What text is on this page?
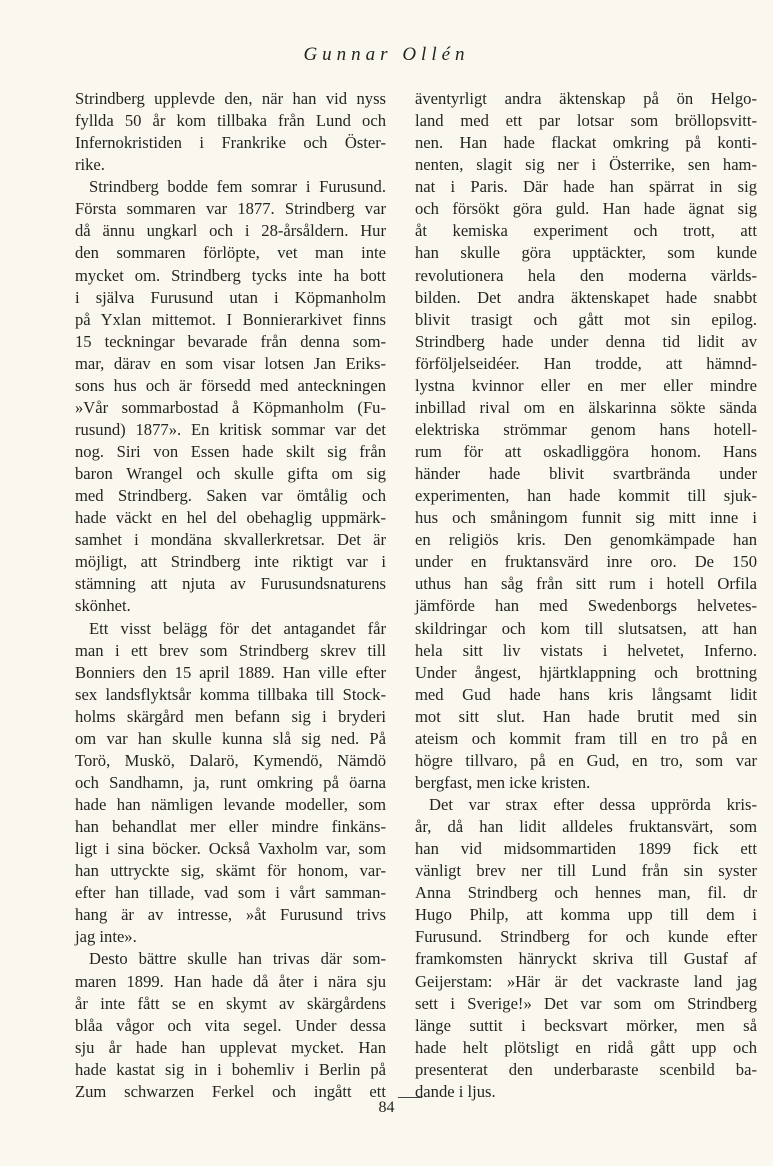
Gunnar Ollén
Strindberg upplevde den, när han vid nyss
fyllda 50 år kom tillbaka från Lund och
Infernokristiden i Frankrike och Öster-
rike.
Strindberg bodde fem somrar i Furusund.
Första sommaren var 1877. Strindberg var
då ännu ungkarl och i 28-årsåldern. Hur
den sommaren förlöpte, vet man inte
mycket om. Strindberg tycks inte ha bott
i själva Furusund utan i Köpmanholm
på Yxlan mittemot. I Bonnierarkivet finns
15 teckningar bevarade från denna som-
mar, därav en som visar lotsen Jan Eriks-
sons hus och är försedd med anteckningen
»Vår sommarbostad å Köpmanholm (Fu-
rusund) 1877». En kritisk sommar var det
nog. Siri von Essen hade skilt sig från
baron Wrangel och skulle gifta om sig
med Strindberg. Saken var ömtålig och
hade väckt en hel del obehaglig uppmärk-
samhet i mondäna skvallerkretsar. Det är
möjligt, att Strindberg inte riktigt var i
stämning att njuta av Furusundsnaturens
skönhet.
Ett visst belägg för det antagandet får
man i ett brev som Strindberg skrev till
Bonniers den 15 april 1889. Han ville efter
sex landsflyktsår komma tillbaka till Stock-
holms skärgård men befann sig i bryderi
om var han skulle kunna slå sig ned. På
Torö, Muskö, Dalarö, Kymendö, Nämdö
och Sandhamn, ja, runt omkring på öarna
hade han nämligen levande modeller, som
han behandlat mer eller mindre finkäns-
ligt i sina böcker. Också Vaxholm var, som
han uttryckte sig, skämt för honom, var-
efter han tillade, vad som i vårt samman-
hang är av intresse, »åt Furusund trivs
jag inte».
Desto bättre skulle han trivas där som-
maren 1899. Han hade då åter i nära sju
år inte fått se en skymt av skärgårdens
blåa vågor och vita segel. Under dessa
sju år hade han upplevat mycket. Han
hade kastat sig in i bohemliv i Berlin på
Zum schwarzen Ferkel och ingått ett
äventyrligt andra äktenskap på ön Helgo-
land med ett par lotsar som bröllopsvitt-
nen. Han hade flackat omkring på konti-
nenten, slagit sig ner i Österrike, sen ham-
nat i Paris. Där hade han spärrat in sig
och försökt göra guld. Han hade ägnat sig
åt kemiska experiment och trott, att
han skulle göra upptäckter, som kunde
revolutionera hela den moderna världs-
bilden. Det andra äktenskapet hade snabbt
blivit trasigt och gått mot sin epilog.
Strindberg hade under denna tid lidit av
förföljelseidéer. Han trodde, att hämnd-
lystna kvinnor eller en mer eller mindre
inbillad rival om en älskarinna sökte sända
elektriska strömmar genom hans hotell-
rum för att oskadliggöra honom. Hans
händer hade blivit svartbrända under
experimenten, han hade kommit till sjuk-
hus och småningom funnit sig mitt inne i
en religiös kris. Den genomkämpade han
under en fruktansvärd inre oro. De 150
uthus han såg från sitt rum i hotell Orfila
jämförde han med Swedenborgs helvetes-
skildringar och kom till slutsatsen, att han
hela sitt liv vistats i helvetet, Inferno.
Under ångest, hjärtklappning och brottning
med Gud hade hans kris långsamt lidit
mot sitt slut. Han hade brutit med sin
ateism och kommit fram till en tro på en
högre tillvaro, på en Gud, en tro, som var
bergfast, men icke kristen.
Det var strax efter dessa upprörda kris-
år, då han lidit alldeles fruktansvärt, som
han vid midsommartiden 1899 fick ett
vänligt brev ner till Lund från sin syster
Anna Strindberg och hennes man, fil. dr
Hugo Philp, att komma upp till dem i
Furusund. Strindberg for och kunde efter
framkomsten hänryckt skriva till Gustaf af
Geijerstam: »Här är det vackraste land jag
sett i Sverige!» Det var som om Strindberg
länge suttit i becksvart mörker, men så
hade helt plötsligt en ridå gått upp och
presenterat den underbaraste scenbild ba-
dande i ljus.
84
